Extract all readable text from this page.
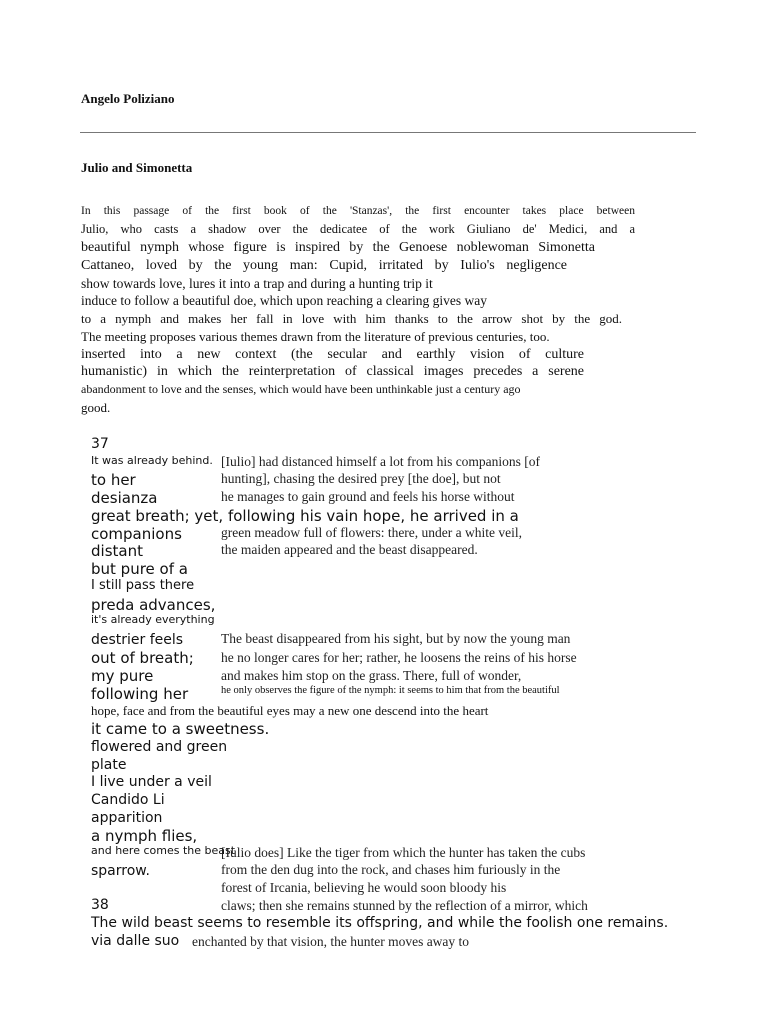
Angelo Poliziano
Julio and Simonetta
In this passage of the first book of the 'Stanzas', the first encounter takes place between
Julio, who casts a shadow over the dedicatee of the work Giuliano de' Medici, and a
beautiful nymph whose figure is inspired by the Genoese noblewoman Simonetta
Cattaneo, loved by the young man: Cupid, irritated by Iulio's negligence
show towards love, lures it into a trap and during a hunting trip it
induce to follow a beautiful doe, which upon reaching a clearing gives way
to a nymph and makes her fall in love with him thanks to the arrow shot by the god.
The meeting proposes various themes drawn from the literature of previous centuries, too.
inserted into a new context (the secular and earthly vision of culture
humanistic) in which the reinterpretation of classical images precedes a serene
abandonment to love and the senses, which would have been unthinkable just a century ago
good.
37
It was already behind.
to her
desianza
great breath; yet, following his vain hope, he arrived in a
companions
distant
but pure of a
I still pass there
preda advances,
it's already everything
destrier feels
out of breath;
my pure
following her
hope, face and from the beautiful eyes may a new one descend into the heart
it came to a sweetness.
flowered and green
plate
I live under a veil
Candido Li
apparition
a nymph flies,
and here comes the beast
sparrow.
38
The wild beast seems to resemble its offspring, and while the foolish one remains.
via dalle suo
[Iulio] had distanced himself a lot from his companions [of
hunting], chasing the desired prey [the doe], but not
he manages to gain ground and feels his horse without
green meadow full of flowers: there, under a white veil,
the maiden appeared and the beast disappeared.
The beast disappeared from his sight, but by now the young man
he no longer cares for her; rather, he loosens the reins of his horse
and makes him stop on the grass. There, full of wonder,
he only observes the figure of the nymph: it seems to him that from the beautiful
[Iulio does] Like the tiger from which the hunter has taken the cubs
from the den dug into the rock, and chases him furiously in the
forest of Ircania, believing he would soon bloody his
claws; then she remains stunned by the reflection of a mirror, which
enchanted by that vision, the hunter moves away to
